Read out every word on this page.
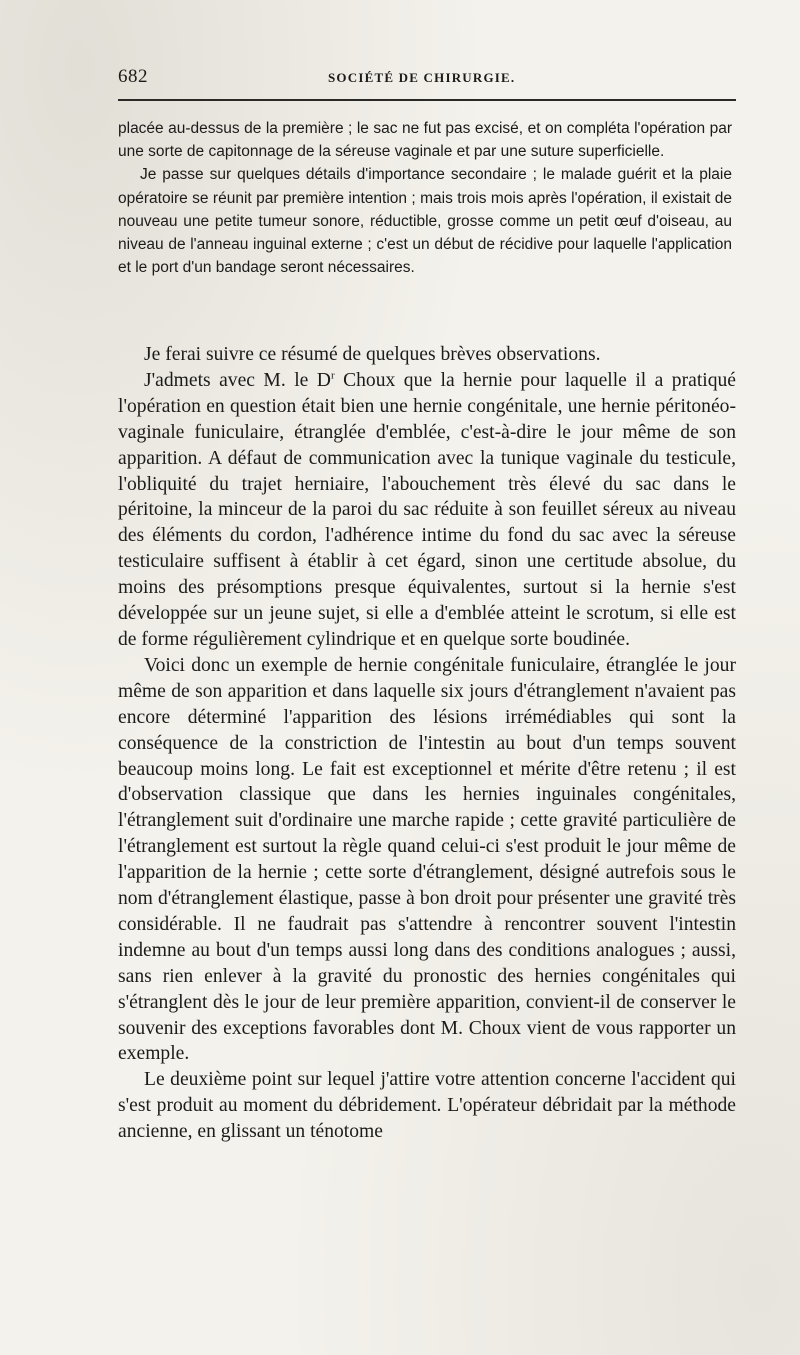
682	SOCIÉTÉ DE CHIRURGIE.

placée au-dessus de la première ; le sac ne fut pas excisé, et on compléta l'opération par une sorte de capitonnage de la séreuse vaginale et par une suture superficielle.

Je passe sur quelques détails d'importance secondaire ; le malade guérit et la plaie opératoire se réunit par première intention ; mais trois mois après l'opération, il existait de nouveau une petite tumeur sonore, réductible, grosse comme un petit œuf d'oiseau, au niveau de l'anneau inguinal externe ; c'est un début de récidive pour laquelle l'application et le port d'un bandage seront nécessaires.

Je ferai suivre ce résumé de quelques brèves observations.

J'admets avec M. le $D^r$ Choux que la hernie pour laquelle il a pratiqué l'opération en question était bien une hernie congénitale, une hernie péritonéo-vaginale funiculaire, étranglée d'emblée, c'est-à-dire le jour même de son apparition. A défaut de communication avec la tunique vaginale du testicule, l'obliquité du trajet herniaire, l'abouchement très élevé du sac dans le péritoine, la minceur de la paroi du sac réduite à son feuillet séreux au niveau des éléments du cordon, l'adhérence intime du fond du sac avec la séreuse testiculaire suffisent à établir à cet égard, sinon une certitude absolue, du moins des présomptions presque équivalentes, surtout si la hernie s'est développée sur un jeune sujet, si elle a d'emblée atteint le scrotum, si elle est de forme régulièrement cylindrique et en quelque sorte boudinée.

Voici donc un exemple de hernie congénitale funiculaire, étranglée le jour même de son apparition et dans laquelle six jours d'étranglement n'avaient pas encore déterminé l'apparition des lésions irrémédiables qui sont la conséquence de la constriction de l'intestin au bout d'un temps souvent beaucoup moins long. Le fait est exceptionnel et mérite d'être retenu ; il est d'observation classique que dans les hernies inguinales congénitales, l'étranglement suit d'ordinaire une marche rapide ; cette gravité particulière de l'étranglement est surtout la règle quand celui-ci s'est produit le jour même de l'apparition de la hernie ; cette sorte d'étranglement, désigné autrefois sous le nom d'étranglement élastique, passe à bon droit pour présenter une gravité très considérable. Il ne faudrait pas s'attendre à rencontrer souvent l'intestin indemne au bout d'un temps aussi long dans des conditions analogues ; aussi, sans rien enlever à la gravité du pronostic des hernies congénitales qui s'étranglent dès le jour de leur première apparition, convient-il de conserver le souvenir des exceptions favorables dont M. Choux vient de vous rapporter un exemple.

Le deuxième point sur lequel j'attire votre attention concerne l'accident qui s'est produit au moment du débridement. L'opérateur débridait par la méthode ancienne, en glissant un ténotome
